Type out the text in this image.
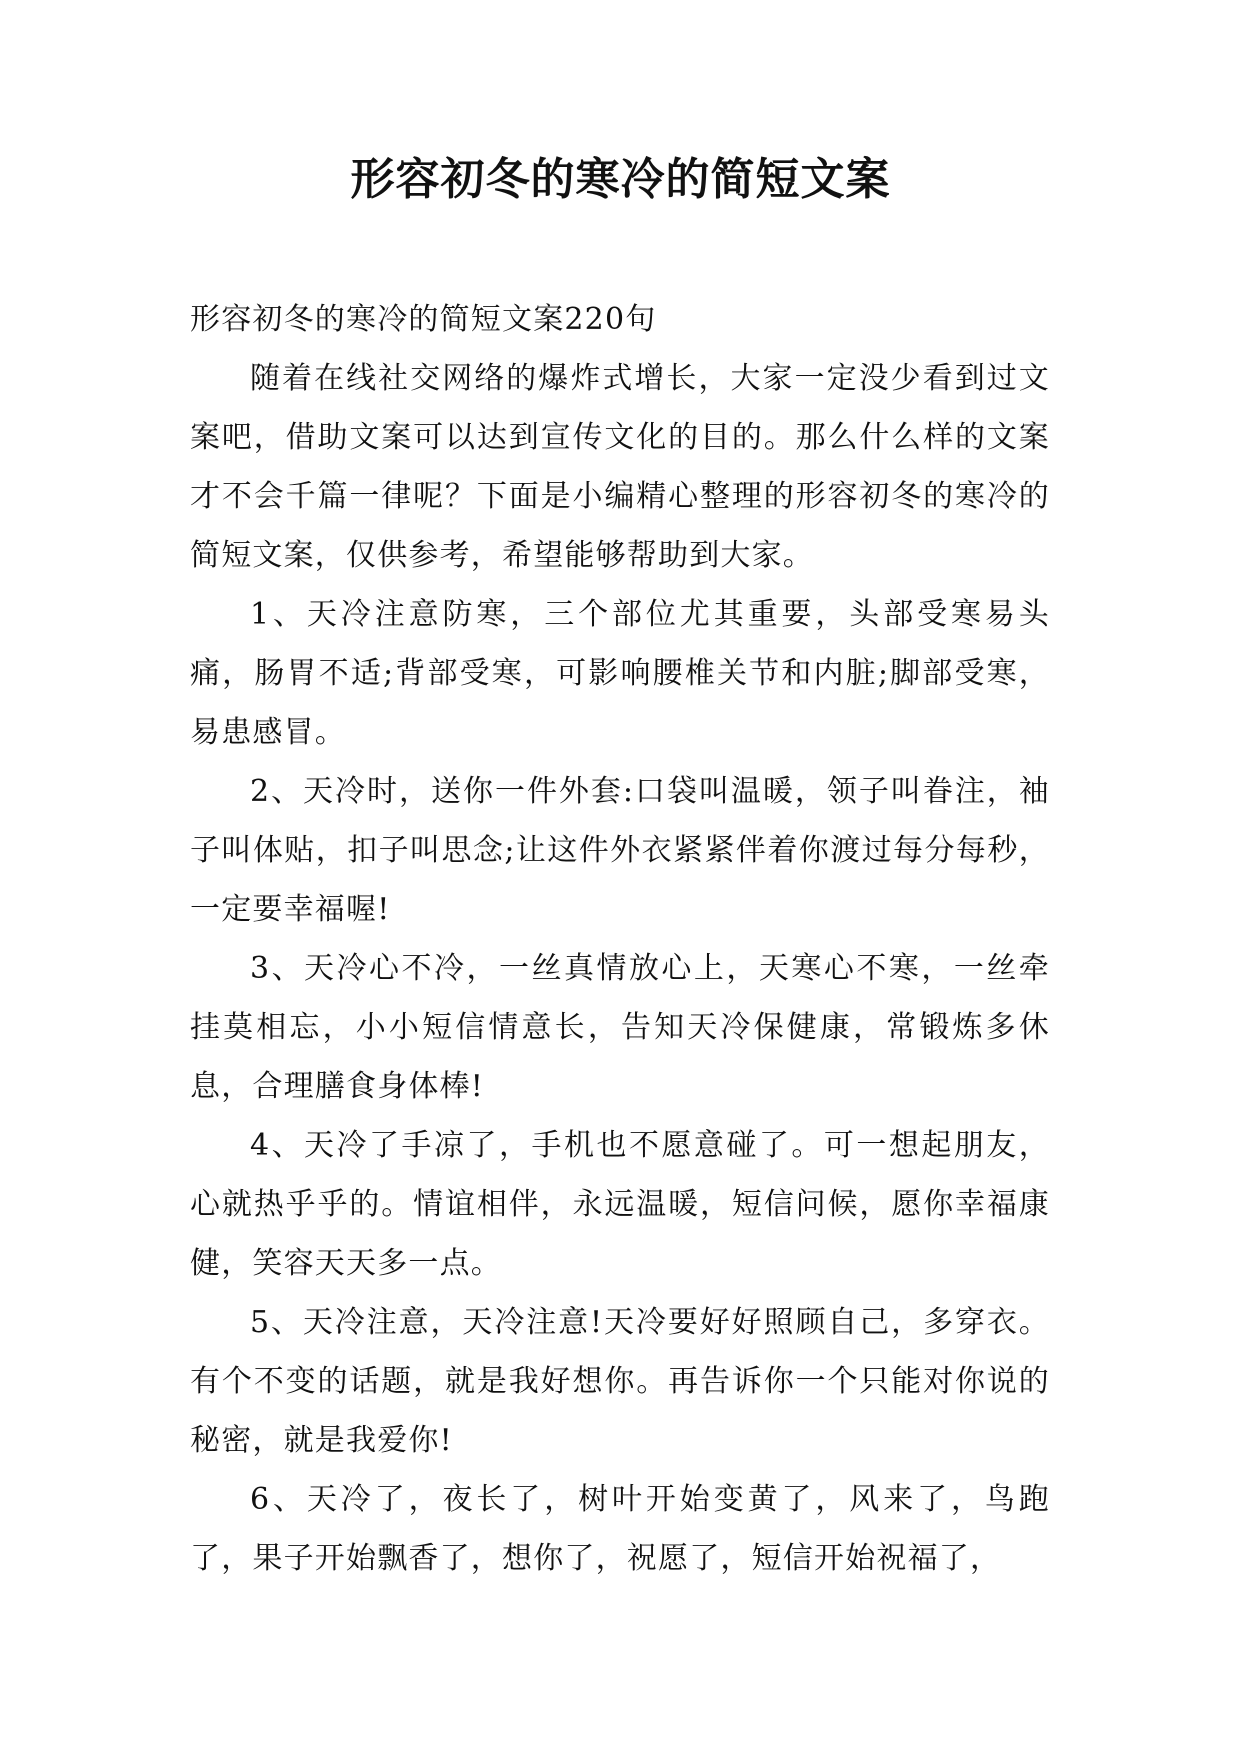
形容初冬的寒冷的简短文案

形容初冬的寒冷的简短文案220句

随着在线社交网络的爆炸式增长，大家一定没少看到过文案吧，借助文案可以达到宣传文化的目的。那么什么样的文案才不会千篇一律呢？下面是小编精心整理的形容初冬的寒冷的简短文案，仅供参考，希望能够帮助到大家。

1、天冷注意防寒，三个部位尤其重要，头部受寒易头痛，肠胃不适;背部受寒，可影响腰椎关节和内脏;脚部受寒，易患感冒。

2、天冷时，送你一件外套:口袋叫温暖，领子叫眷注，袖子叫体贴，扣子叫思念;让这件外衣紧紧伴着你渡过每分每秒，一定要幸福喔!

3、天冷心不冷，一丝真情放心上，天寒心不寒，一丝牵挂莫相忘，小小短信情意长，告知天冷保健康，常锻炼多休息，合理膳食身体棒!

4、天冷了手凉了，手机也不愿意碰了。可一想起朋友，心就热乎乎的。情谊相伴，永远温暖，短信问候，愿你幸福康健，笑容天天多一点。

5、天冷注意，天冷注意!天冷要好好照顾自己，多穿衣。有个不变的话题，就是我好想你。再告诉你一个只能对你说的秘密，就是我爱你!

6、天冷了，夜长了，树叶开始变黄了，风来了，鸟跑了，果子开始飘香了，想你了，祝愿了，短信开始祝福了，
